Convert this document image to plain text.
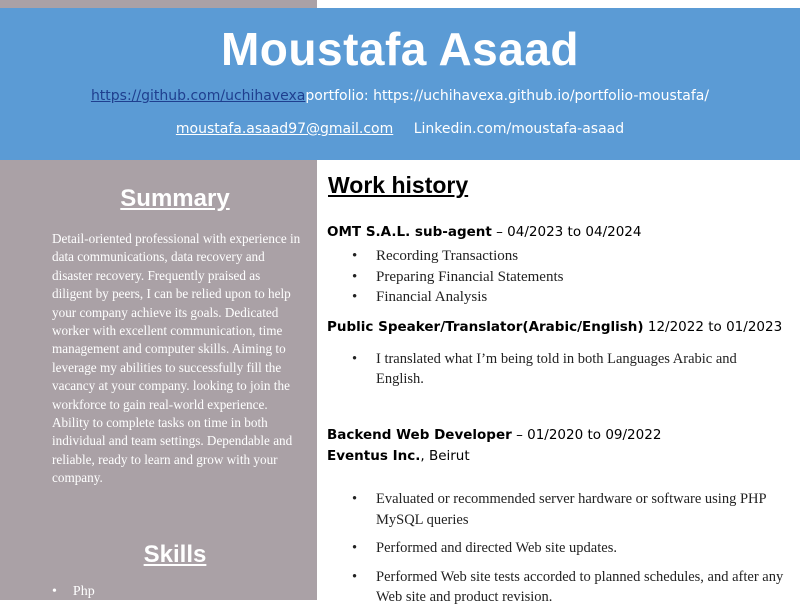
Moustafa Asaad
https://github.com/uchihavexaportfolio: https://uchihavexa.github.io/portfolio-moustafa/
moustafa.asaad97@gmail.com Linkedin.com/moustafa-asaad
Summary
Detail-oriented professional with experience in data communications, data recovery and disaster recovery. Frequently praised as diligent by peers, I can be relied upon to help your company achieve its goals. Dedicated worker with excellent communication, time management and computer skills. Aiming to leverage my abilities to successfully fill the vacancy at your company. looking to join the workforce to gain real-world experience. Ability to complete tasks on time in both individual and team settings. Dependable and reliable, ready to learn and grow with your company.
Skills
• Php
Work history
OMT S.A.L. sub-agent – 04/2023 to 04/2024
• Recording Transactions
• Preparing Financial Statements
• Financial Analysis
Public Speaker/Translator(Arabic/English) 12/2022 to 01/2023
• I translated what I’m being told in both Languages Arabic and English.
Backend Web Developer – 01/2020 to 09/2022
Eventus Inc., Beirut
• Evaluated or recommended server hardware or software using PHP MySQL queries
• Performed and directed Web site updates.
• Performed Web site tests accorded to planned schedules, and after any Web site and product revision.
